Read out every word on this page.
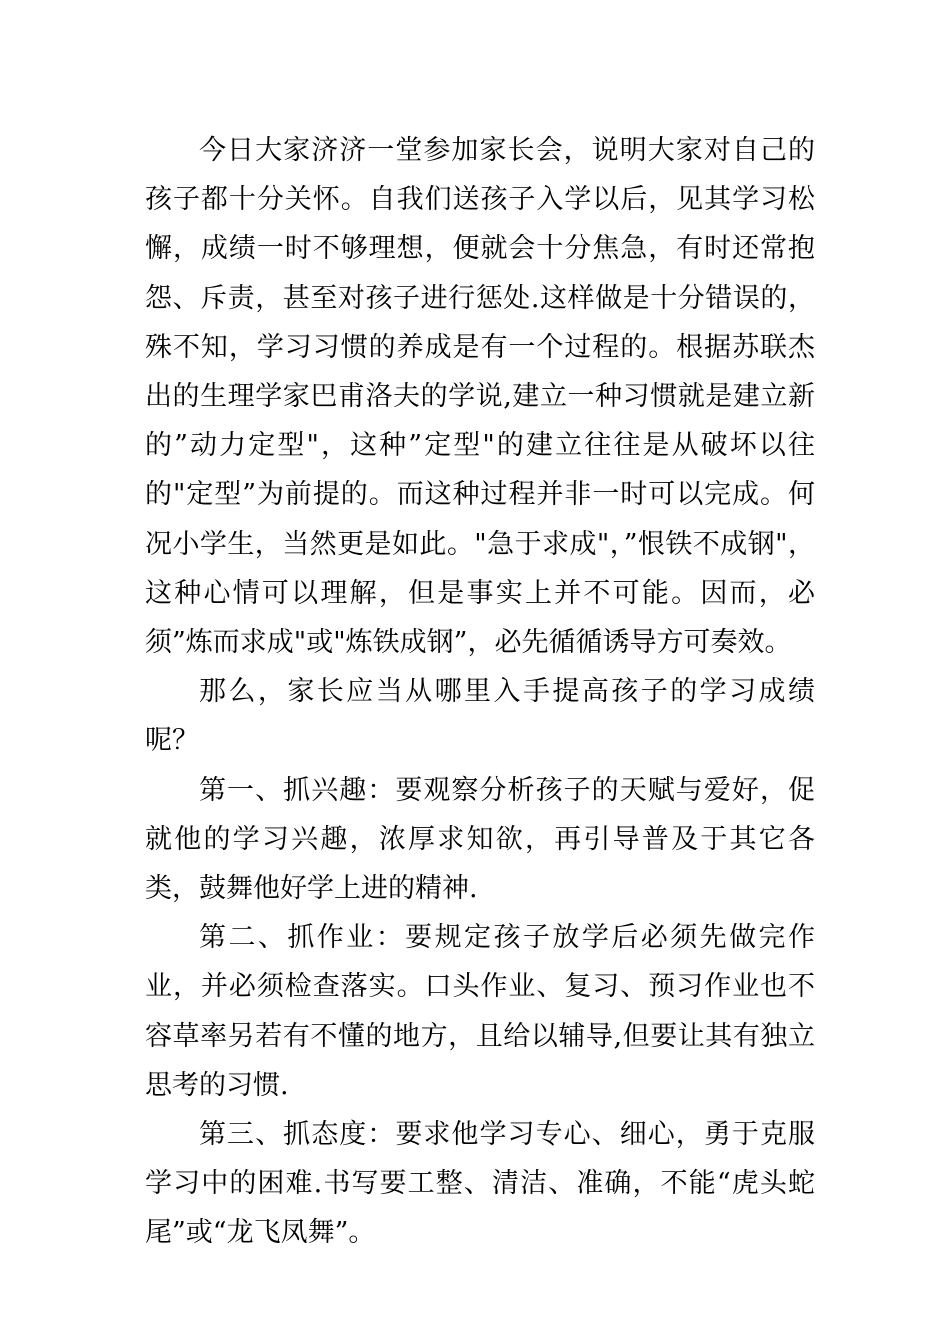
今日大家济济一堂参加家长会，说明大家对自己的孩子都十分关怀。自我们送孩子入学以后，见其学习松懈，成绩一时不够理想，便就会十分焦急，有时还常抱怨、斥责，甚至对孩子进行惩处.这样做是十分错误的，殊不知，学习习惯的养成是有一个过程的。根据苏联杰出的生理学家巴甫洛夫的学说,建立一种习惯就是建立新的”动力定型"，这种”定型"的建立往往是从破坏以往的"定型”为前提的。而这种过程并非一时可以完成。何况小学生，当然更是如此。"急于求成"，”恨铁不成钢"，这种心情可以理解，但是事实上并不可能。因而，必须”炼而求成"或"炼铁成钢”，必先循循诱导方可奏效。

那么，家长应当从哪里入手提高孩子的学习成绩呢？

第一、抓兴趣：要观察分析孩子的天赋与爱好，促就他的学习兴趣，浓厚求知欲，再引导普及于其它各类，鼓舞他好学上进的精神.

第二、抓作业：要规定孩子放学后必须先做完作业，并必须检查落实。口头作业、复习、预习作业也不容草率另若有不懂的地方，且给以辅导,但要让其有独立思考的习惯.

第三、抓态度：要求他学习专心、细心，勇于克服学习中的困难.书写要工整、清洁、准确，不能“虎头蛇尾”或“龙飞凤舞”。
